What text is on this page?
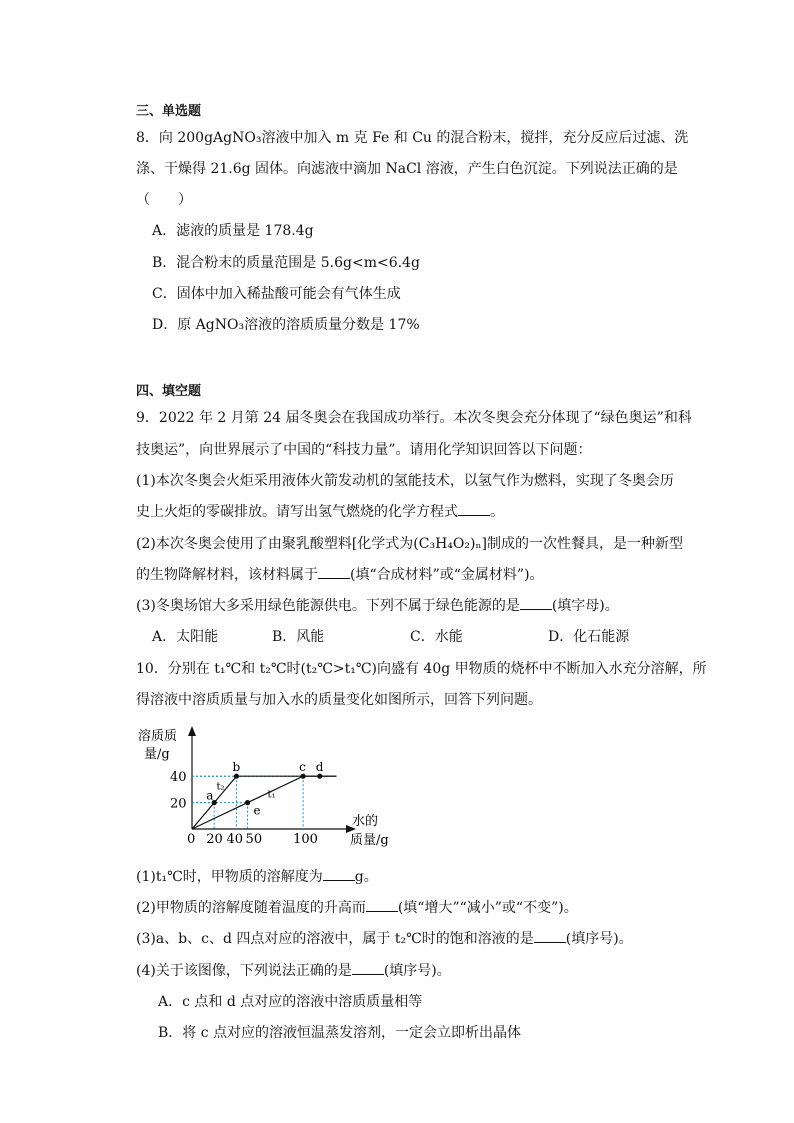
三、单选题
8．向 200gAgNO₃溶液中加入 m 克 Fe 和 Cu 的混合粉末，搅拌，充分反应后过滤、洗
涤、干燥得 21.6g 固体。向滤液中滴加 NaCl 溶液，产生白色沉淀。下列说法正确的是
（　　）
A．滤液的质量是 178.4g
B．混合粉末的质量范围是 5.6g<m<6.4g
C．固体中加入稀盐酸可能会有气体生成
D．原 AgNO₃溶液的溶质质量分数是 17%
四、填空题
9．2022 年 2 月第 24 届冬奥会在我国成功举行。本次冬奥会充分体现了“绿色奥运”和科
技奥运”，向世界展示了中国的“科技力量”。请用化学知识回答以下问题：
(1)本次冬奥会火炬采用液体火箭发动机的氢能技术，以氢气作为燃料，实现了冬奥会历
史上火炬的零碳排放。请写出氢气燃烧的化学方程式 。
(2)本次冬奥会使用了由聚乳酸塑料[化学式为(C₃H₄O₂)ₙ]制成的一次性餐具，是一种新型
的生物降解材料，该材料属于 (填“合成材料”或“金属材料”)。
(3)冬奥场馆大多采用绿色能源供电。下列不属于绿色能源的是 (填字母)。
A．太阳能	B．风能	C．水能	D．化石能源
10．分别在 t₁℃和 t₂℃时(t₂℃>t₁℃)向盛有 40g 甲物质的烧杯中不断加入水充分溶解，所
得溶液中溶质质量与加入水的质量变化如图所示，回答下列问题。
溶质质
量/g
水的
质量/g
0
t₂
t₁
a
b	c d
e
20 40 50 100
20
40
(1)t₁℃时，甲物质的溶解度为 g。
(2)甲物质的溶解度随着温度的升高而 (填“增大”“减小”或“不变”)。
(3)a、b、c、d 四点对应的溶液中，属于 t₂℃时的饱和溶液的是 (填序号)。
(4)关于该图像，下列说法正确的是 (填序号)。
A．c 点和 d 点对应的溶液中溶质质量相等
B．将 c 点对应的溶液恒温蒸发溶剂，一定会立即析出晶体
